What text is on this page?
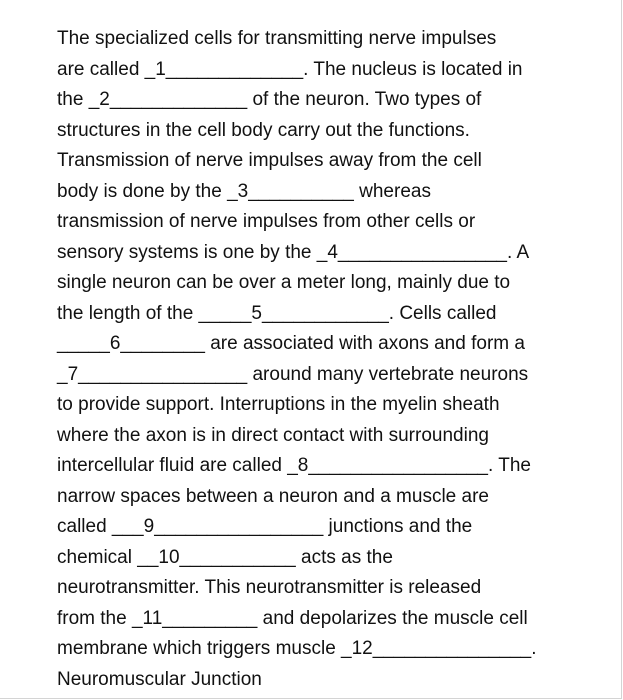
The specialized cells for transmitting nerve impulses
are called _1_____________. The nucleus is located in
the _2_____________ of the neuron. Two types of
structures in the cell body carry out the functions.
Transmission of nerve impulses away from the cell
body is done by the _3__________ whereas
transmission of nerve impulses from other cells or
sensory systems is one by the _4________________. A
single neuron can be over a meter long, mainly due to
the length of the _____5____________. Cells called
_____6________ are associated with axons and form a
_7________________ around many vertebrate neurons
to provide support. Interruptions in the myelin sheath
where the axon is in direct contact with surrounding
intercellular fluid are called _8_________________. The
narrow spaces between a neuron and a muscle are
called ___9________________ junctions and the
chemical __10___________ acts as the
neurotransmitter. This neurotransmitter is released
from the _11_________ and depolarizes the muscle cell
membrane which triggers muscle _12_______________.
Neuromuscular Junction
